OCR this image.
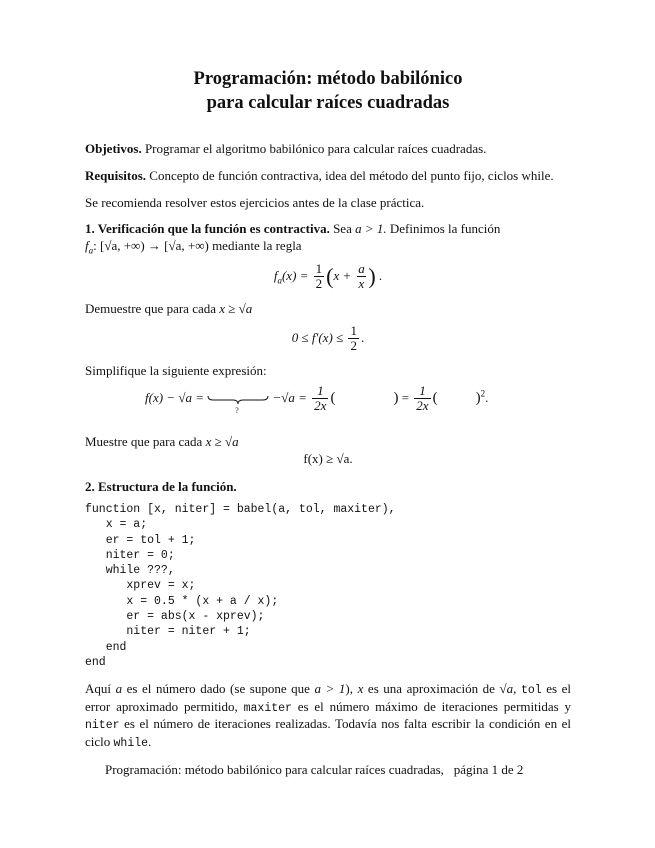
Programación: método babilónico
para calcular raíces cuadradas
Objetivos. Programar el algoritmo babilónico para calcular raíces cuadradas.
Requisitos. Concepto de función contractiva, idea del método del punto fijo, ciclos while.
Se recomienda resolver estos ejercicios antes de la clase práctica.
1. Verificación que la función es contractiva. Sea a > 1. Definimos la función
$f_a$: [√a, +∞) → [√a, +∞) mediante la regla
$f_a(x) = \frac{1}{2} (x + \frac{a}{x}$ ) .
Demuestre que para cada x ≥ √a
$0 \le f'(x) \le \frac{1}{2}$ .
Simplifique la siguiente expresión:
f(x) − √a =
?
$-√a = \frac{1}{2x}$ (	) = $\frac{1}{2x}$ (	)$^2$.
Muestre que para cada x ≥ √a
f(x) ≥ √a.
2. Estructura de la función.
function [x, niter] = babel(a, tol, maxiter),
x = a;
er = tol + 1;
niter = 0;
while ???,
xprev = x;
x = 0.5 * (x + a / x);
er = abs(x - xprev);
niter = niter + 1;
end
end
Aquí a es el número dado (se supone que a > 1), x es una aproximación de √a, tol es el error aproximado permitido, maxiter es el número máximo de iteraciones permitidas y niter es el número de iteraciones realizadas. Todavía nos falta escribir la condición en el ciclo while.
Programación: método babilónico para calcular raíces cuadradas, página 1 de 2
